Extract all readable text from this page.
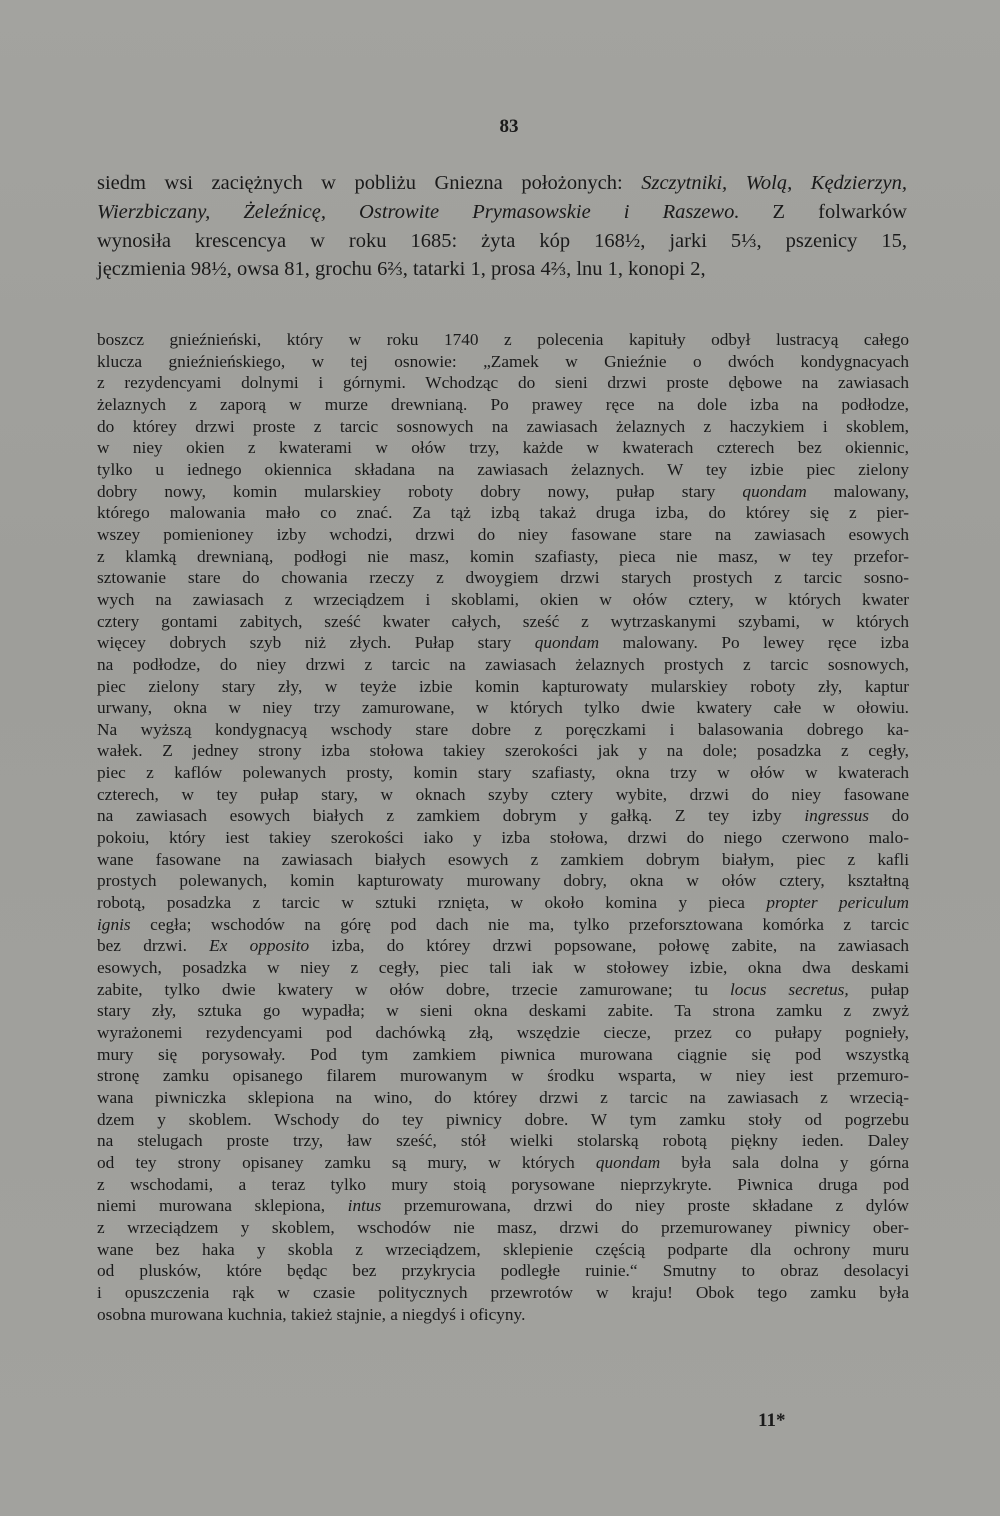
83
siedm wsi zaciężnych w pobliżu Gniezna położonych: Szczytniki, Wolą, Kędzierzyn,
Wierzbiczany, Żeleźnicę, Ostrowite Prymasowskie i Raszewo. Z folwarków
wynosiła krescencya w roku 1685: żyta kóp 168½, jarki 5⅓, pszenicy 15,
jęczmienia 98½, owsa 81, grochu 6⅔, tatarki 1, prosa 4⅔, lnu 1, konopi 2,
boszcz gnieźnieński, który w roku 1740 z polecenia kapituły odbył lustracyą całego
klucza gnieźnieńskiego, w tej osnowie: „Zamek w Gnieźnie o dwóch kondygnacyach
z rezydencyami dolnymi i górnymi. Wchodząc do sieni drzwi proste dębowe na zawiasach
żelaznych z zaporą w murze drewnianą. Po prawey ręce na dole izba na podłodze,
do którey drzwi proste z tarcic sosnowych na zawiasach żelaznych z haczykiem i skoblem,
w niey okien z kwaterami w ołów trzy, każde w kwaterach czterech bez okiennic,
tylko u iednego okiennica składana na zawiasach żelaznych. W tey izbie piec zielony
dobry nowy, komin mularskiey roboty dobry nowy, pułap stary quondam malowany,
którego malowania mało co znać. Za tąż izbą takaż druga izba, do którey się z pier-
wszey pomienioney izby wchodzi, drzwi do niey fasowane stare na zawiasach esowych
z klamką drewnianą, podłogi nie masz, komin szafiasty, pieca nie masz, w tey przefor-
sztowanie stare do chowania rzeczy z dwoygiem drzwi starych prostych z tarcic sosno-
wych na zawiasach z wrzeciądzem i skoblami, okien w ołów cztery, w których kwater
cztery gontami zabitych, sześć kwater całych, sześć z wytrzaskanymi szybami, w których
więcey dobrych szyb niż złych. Pułap stary quondam malowany. Po lewey ręce izba
na podłodze, do niey drzwi z tarcic na zawiasach żelaznych prostych z tarcic sosnowych,
piec zielony stary zły, w teyże izbie komin kapturowaty mularskiey roboty zły, kaptur
urwany, okna w niey trzy zamurowane, w których tylko dwie kwatery całe w ołowiu.
Na wyższą kondygnacyą wschody stare dobre z poręczkami i balasowania dobrego ka-
wałek. Z jedney strony izba stołowa takiey szerokości jak y na dole; posadzka z cegły,
piec z kaflów polewanych prosty, komin stary szafiasty, okna trzy w ołów w kwaterach
czterech, w tey pułap stary, w oknach szyby cztery wybite, drzwi do niey fasowane
na zawiasach esowych białych z zamkiem dobrym y gałką. Z tey izby ingressus do
pokoiu, który iest takiey szerokości iako y izba stołowa, drzwi do niego czerwono malo-
wane fasowane na zawiasach białych esowych z zamkiem dobrym białym, piec z kafli
prostych polewanych, komin kapturowaty murowany dobry, okna w ołów cztery, kształtną
robotą, posadzka z tarcic w sztuki rznięta, w około komina y pieca propter periculum
ignis cegła; wschodów na górę pod dach nie ma, tylko przeforsztowana komórka z tarcic
bez drzwi. Ex opposito izba, do którey drzwi popsowane, połowę zabite, na zawiasach
esowych, posadzka w niey z cegły, piec tali iak w stołowey izbie, okna dwa deskami
zabite, tylko dwie kwatery w ołów dobre, trzecie zamurowane; tu locus secretus, pułap
stary zły, sztuka go wypadła; w sieni okna deskami zabite. Ta strona zamku z zwyż
wyrażonemi rezydencyami pod dachówką złą, wszędzie ciecze, przez co pułapy pognieły,
mury się porysowały. Pod tym zamkiem piwnica murowana ciągnie się pod wszystką
stronę zamku opisanego filarem murowanym w środku wsparta, w niey iest przemuro-
wana piwniczka sklepiona na wino, do którey drzwi z tarcic na zawiasach z wrzecią-
dzem y skoblem. Wschody do tey piwnicy dobre. W tym zamku stoły od pogrzebu
na stelugach proste trzy, ław sześć, stół wielki stolarską robotą piękny ieden. Daley
od tey strony opisaney zamku są mury, w których quondam była sala dolna y górna
z wschodami, a teraz tylko mury stoią porysowane nieprzykryte. Piwnica druga pod
niemi murowana sklepiona, intus przemurowana, drzwi do niey proste składane z dylów
z wrzeciądzem y skoblem, wschodów nie masz, drzwi do przemurowaney piwnicy ober-
wane bez haka y skobla z wrzeciądzem, sklepienie częścią podparte dla ochrony muru
od plusków, które będąc bez przykrycia podległe ruinie.“ Smutny to obraz desolacyi
i opuszczenia rąk w czasie politycznych przewrotów w kraju! Obok tego zamku była
osobna murowana kuchnia, takież stajnie, a niegdyś i oficyny.
11*
